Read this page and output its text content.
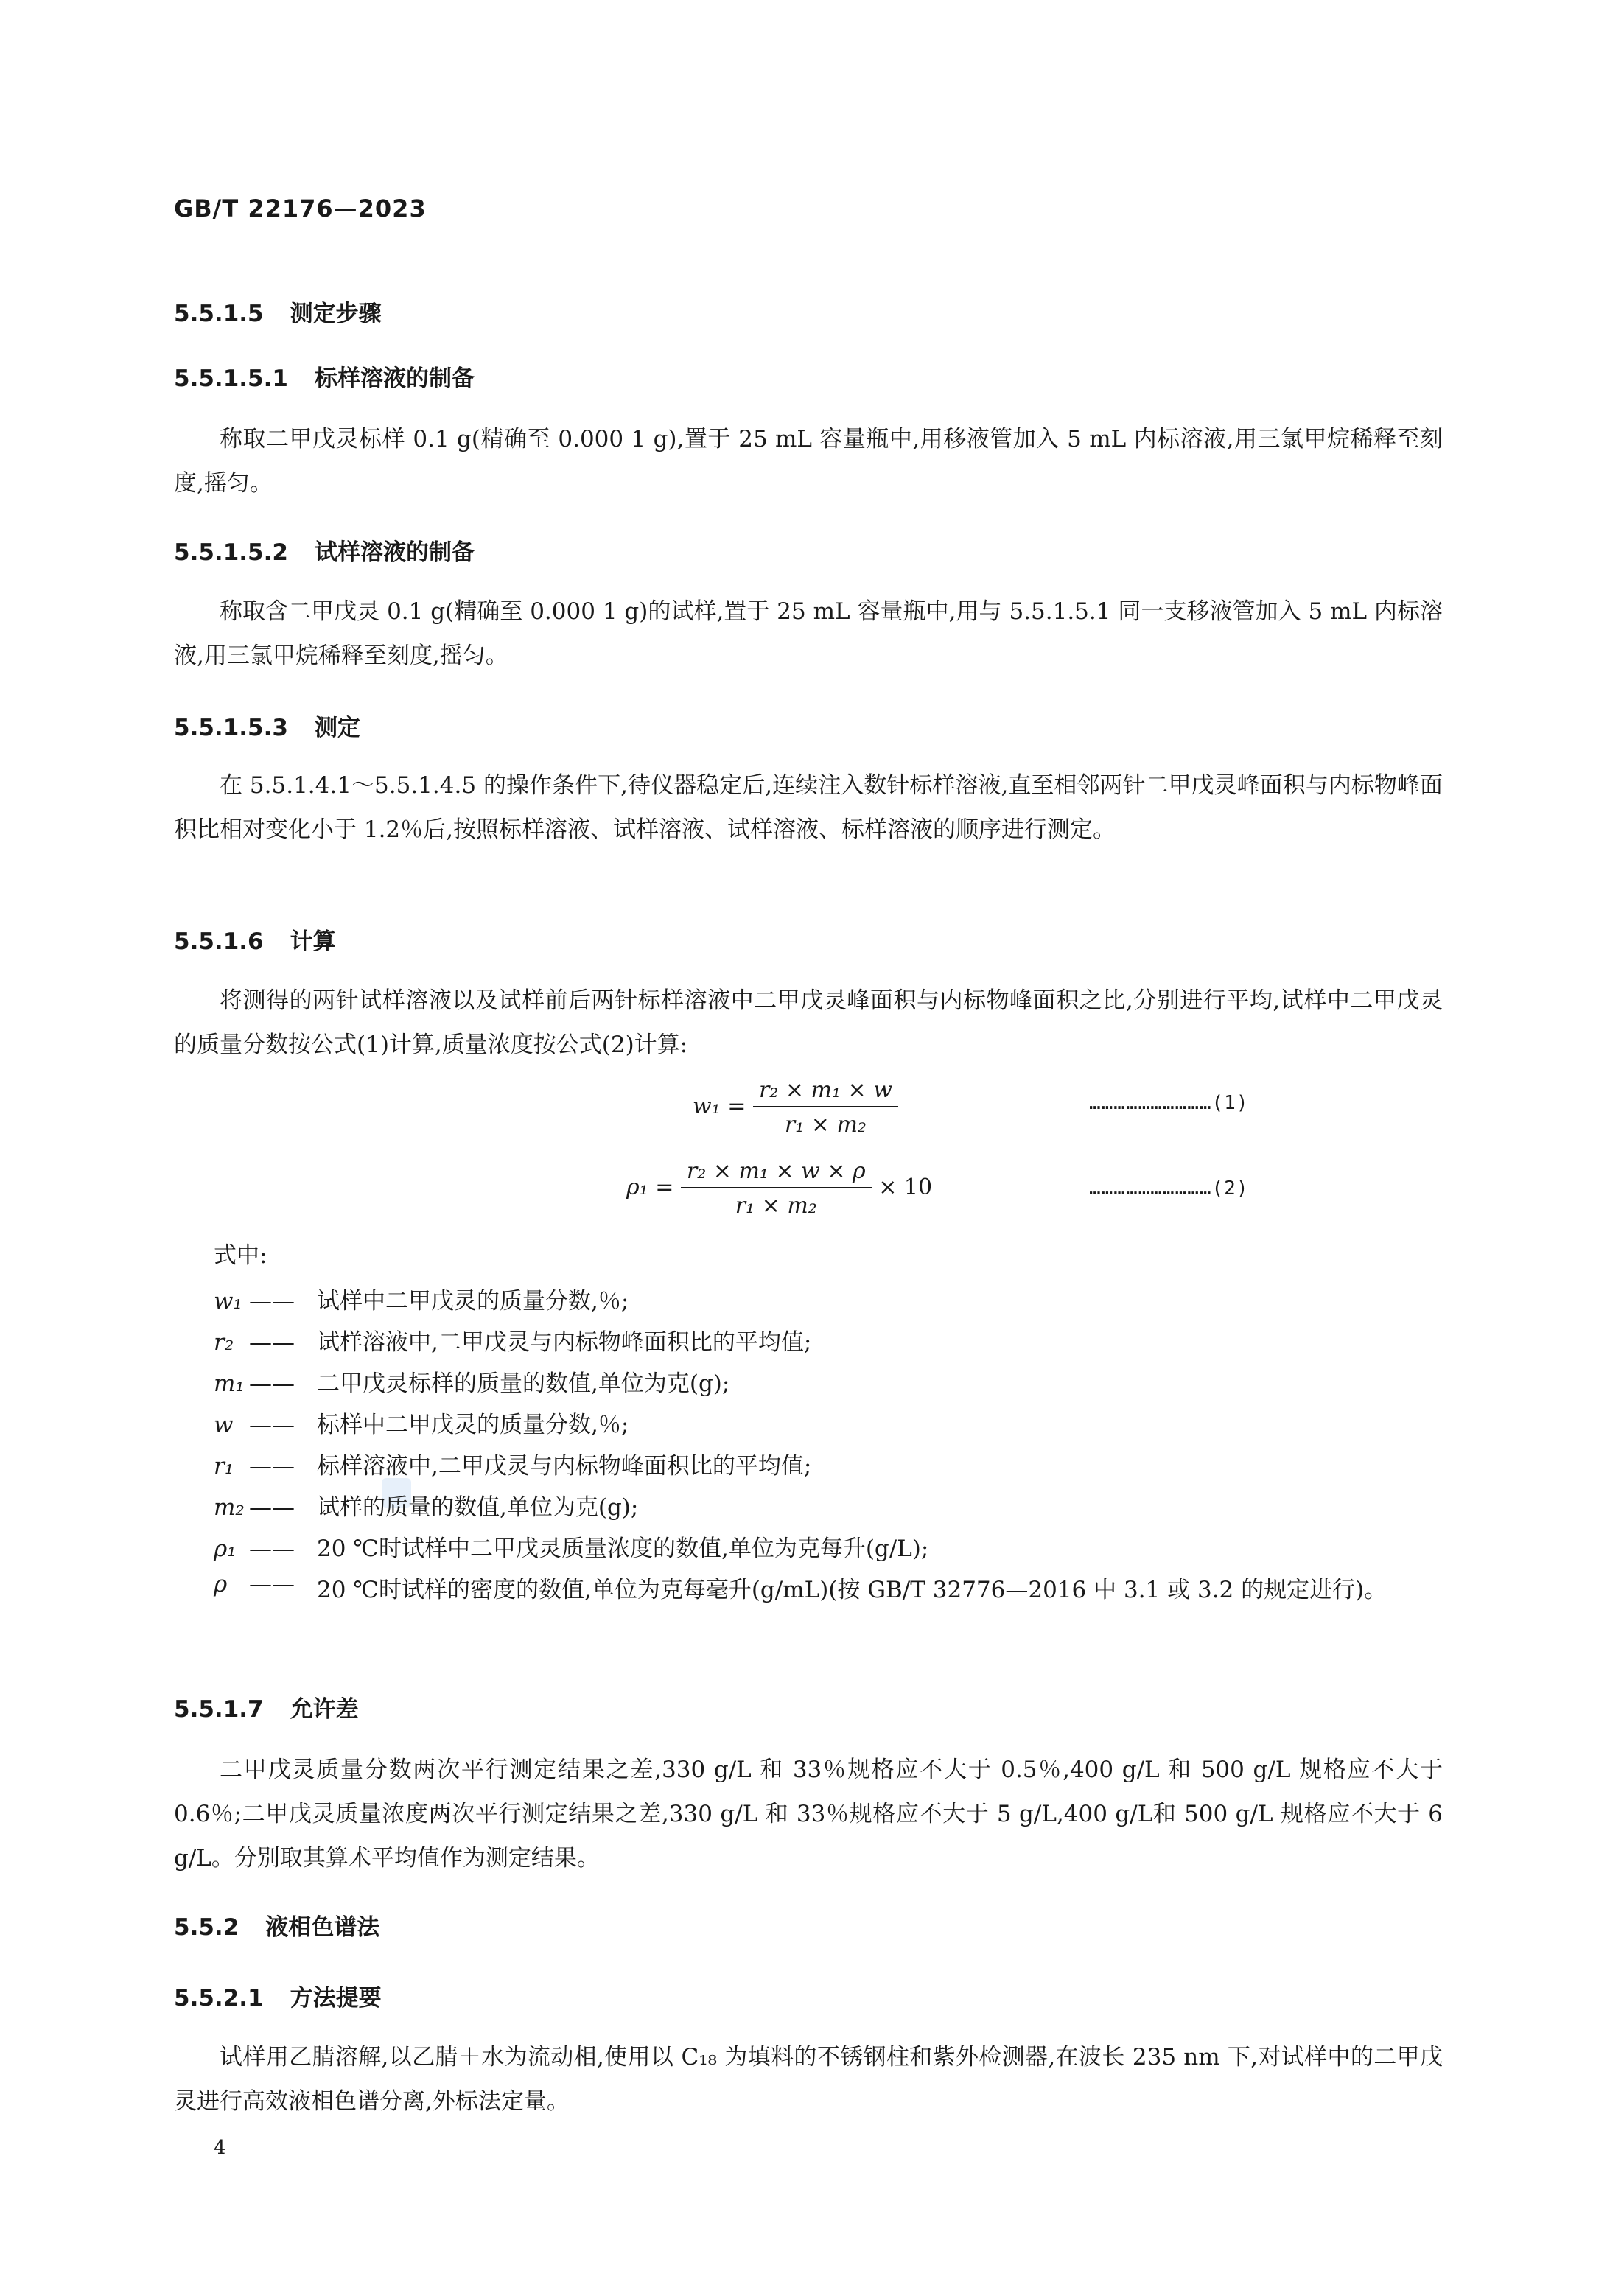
GB/T 22176—2023
5.5.1.5 测定步骤
5.5.1.5.1 标样溶液的制备
称取二甲戊灵标样 0.1 g(精确至 0.000 1 g),置于 25 mL 容量瓶中,用移液管加入 5 mL 内标溶液,用三氯甲烷稀释至刻度,摇匀。
5.5.1.5.2 试样溶液的制备
称取含二甲戊灵 0.1 g(精确至 0.000 1 g)的试样,置于 25 mL 容量瓶中,用与 5.5.1.5.1 同一支移液管加入 5 mL 内标溶液,用三氯甲烷稀释至刻度,摇匀。
5.5.1.5.3 测定
在 5.5.1.4.1～5.5.1.4.5 的操作条件下,待仪器稳定后,连续注入数针标样溶液,直至相邻两针二甲戊灵峰面积与内标物峰面积比相对变化小于 1.2％后,按照标样溶液、试样溶液、试样溶液、标样溶液的顺序进行测定。
5.5.1.6 计算
将测得的两针试样溶液以及试样前后两针标样溶液中二甲戊灵峰面积与内标物峰面积之比,分别进行平均,试样中二甲戊灵的质量分数按公式(1)计算,质量浓度按公式(2)计算:
$w_1 = \frac{\text{r₂ × m₁ × w}}{\text{r₁ × m₂}}$	…………………………(1)
$\rho_1 = \frac{\text{r₂ × m₁ × w × ρ}}{\text{r₁ × m₂}} \times 10$	…………………………(2)
式中:
w₁ —— 试样中二甲戊灵的质量分数,％;
r₂ —— 试样溶液中,二甲戊灵与内标物峰面积比的平均值;
m₁ —— 二甲戊灵标样的质量的数值,单位为克(g);
w —— 标样中二甲戊灵的质量分数,％;
r₁ —— 标样溶液中,二甲戊灵与内标物峰面积比的平均值;
m₂ —— 试样的质量的数值,单位为克(g);
ρ₁ —— 20 ℃时试样中二甲戊灵质量浓度的数值,单位为克每升(g/L);
ρ —— 20 ℃时试样的密度的数值,单位为克每毫升(g/mL)(按 GB/T 32776—2016 中 3.1 或 3.2 的规定进行)。
5.5.1.7 允许差
二甲戊灵质量分数两次平行测定结果之差,330 g/L 和 33％规格应不大于 0.5％,400 g/L 和 500 g/L 规格应不大于 0.6％;二甲戊灵质量浓度两次平行测定结果之差,330 g/L 和 33％规格应不大于 5 g/L,400 g/L和 500 g/L 规格应不大于 6 g/L。分别取其算术平均值作为测定结果。
5.5.2 液相色谱法
5.5.2.1 方法提要
试样用乙腈溶解,以乙腈＋水为流动相,使用以 C₁₈ 为填料的不锈钢柱和紫外检测器,在波长 235 nm 下,对试样中的二甲戊灵进行高效液相色谱分离,外标法定量。
4
